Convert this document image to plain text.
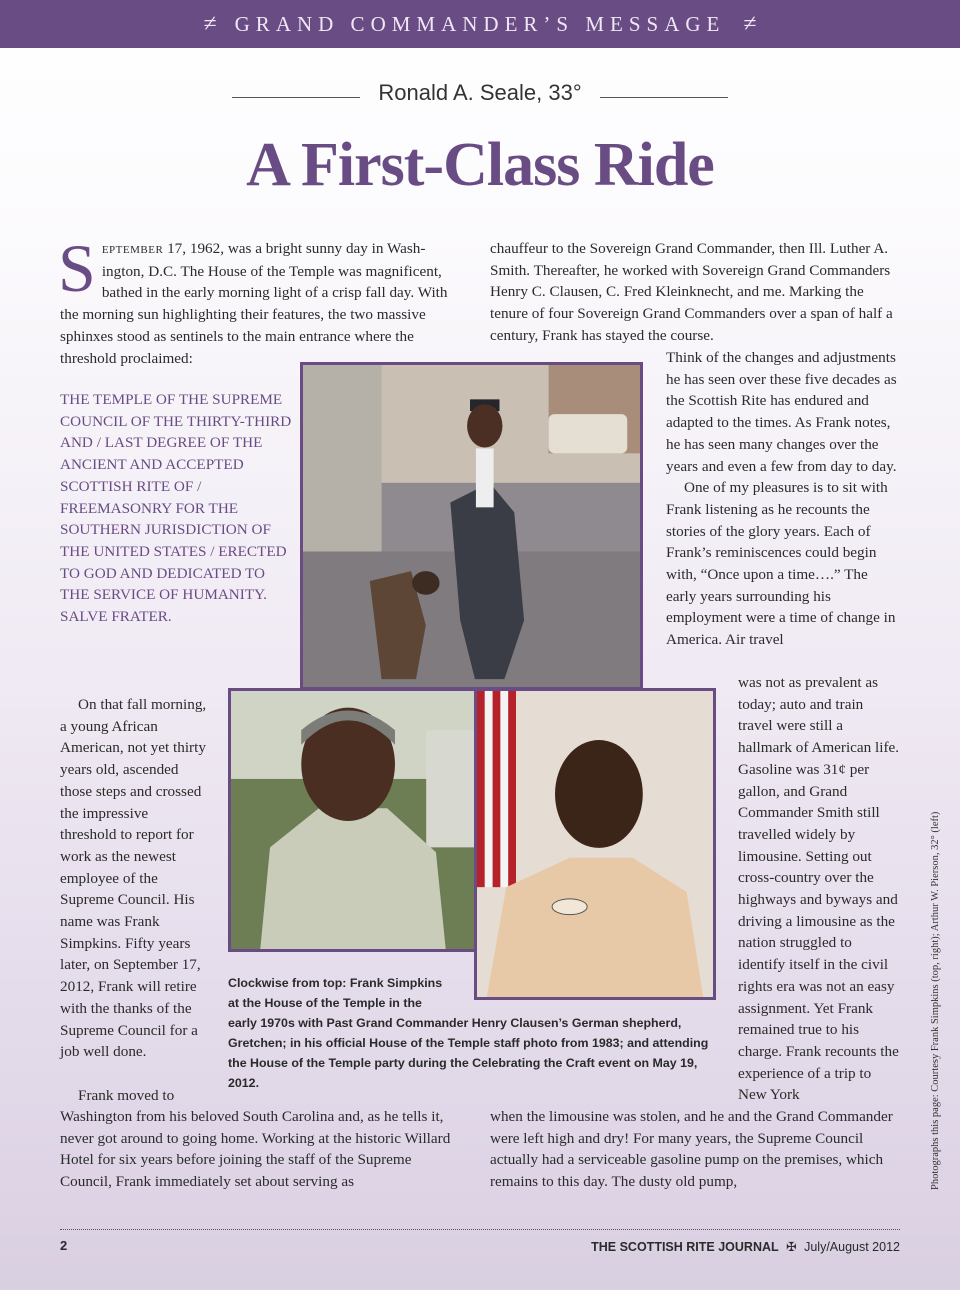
≠ GRAND COMMANDER’S MESSAGE ≠
Ronald A. Seale, 33°
A First-Class Ride
September 17, 1962, was a bright sunny day in Washington, D.C. The House of the Temple was magnificent, bathed in the early morning light of a crisp fall day. With the morning sun highlighting their features, the two massive sphinxes stood as sentinels to the main entrance where the threshold proclaimed:
THE TEMPLE OF THE SUPREME COUNCIL OF THE THIRTY-THIRD AND / LAST DEGREE OF THE ANCIENT AND ACCEPTED SCOTTISH RITE OF / FREEMASONRY FOR THE SOUTHERN JURISDICTION OF THE UNITED STATES / ERECTED TO GOD AND DEDICATED TO THE SERVICE OF HUMANITY. SALVE FRATER.
On that fall morning, a young African American, not yet thirty years old, ascended those steps and crossed the impressive threshold to report for work as the newest employee of the Supreme Council. His name was Frank Simpkins. Fifty years later, on September 17, 2012, Frank will retire with the thanks of the Supreme Council for a job well done.
Frank moved to
Washington from his beloved South Carolina and, as he tells it, never got around to going home. Working at the historic Willard Hotel for six years before joining the staff of the Supreme Council, Frank immediately set about serving as
chauffeur to the Sovereign Grand Commander, then Ill. Luther A. Smith. Thereafter, he worked with Sovereign Grand Commanders Henry C. Clausen, C. Fred Kleinknecht, and me. Marking the tenure of four Sovereign Grand Commanders over a span of half a century, Frank has stayed the course.

Think of the changes and adjustments he has seen over these five decades as the Scottish Rite has endured and adapted to the times. As Frank notes, he has seen many changes over the years and even a few from day to day.

One of my pleasures is to sit with Frank listening as he recounts the stories of the glory years. Each of Frank’s reminiscences could begin with, “Once upon a time….” The early years surrounding his employment were a time of change in America. Air travel

was not as prevalent as today; auto and train travel were still a hallmark of American life. Gasoline was 31¢ per gallon, and Grand Commander Smith still travelled widely by limousine. Setting out cross-country over the highways and byways and driving a limousine as the nation struggled to identify itself in the civil rights era was not an easy assignment. Yet Frank remained true to his charge. Frank recounts the experience of a trip to New York
when the limousine was stolen, and he and the Grand Commander were left high and dry! For many years, the Supreme Council actually had a serviceable gasoline pump on the premises, which remains to this day. The dusty old pump,
Clockwise from top: Frank Simpkins at the House of the Temple in the
early 1970s with Past Grand Commander Henry Clausen’s German shepherd, Gretchen; in his official House of the Temple staff photo from 1983; and attending the House of the Temple party during the Celebrating the Craft event on May 19, 2012.	Photographs this page: Courtesy Frank Simpkins (top, right); Arthur W. Pierson, 32° (left)
2	THE SCOTTISH RITE JOURNAL ✠ July/August 2012
